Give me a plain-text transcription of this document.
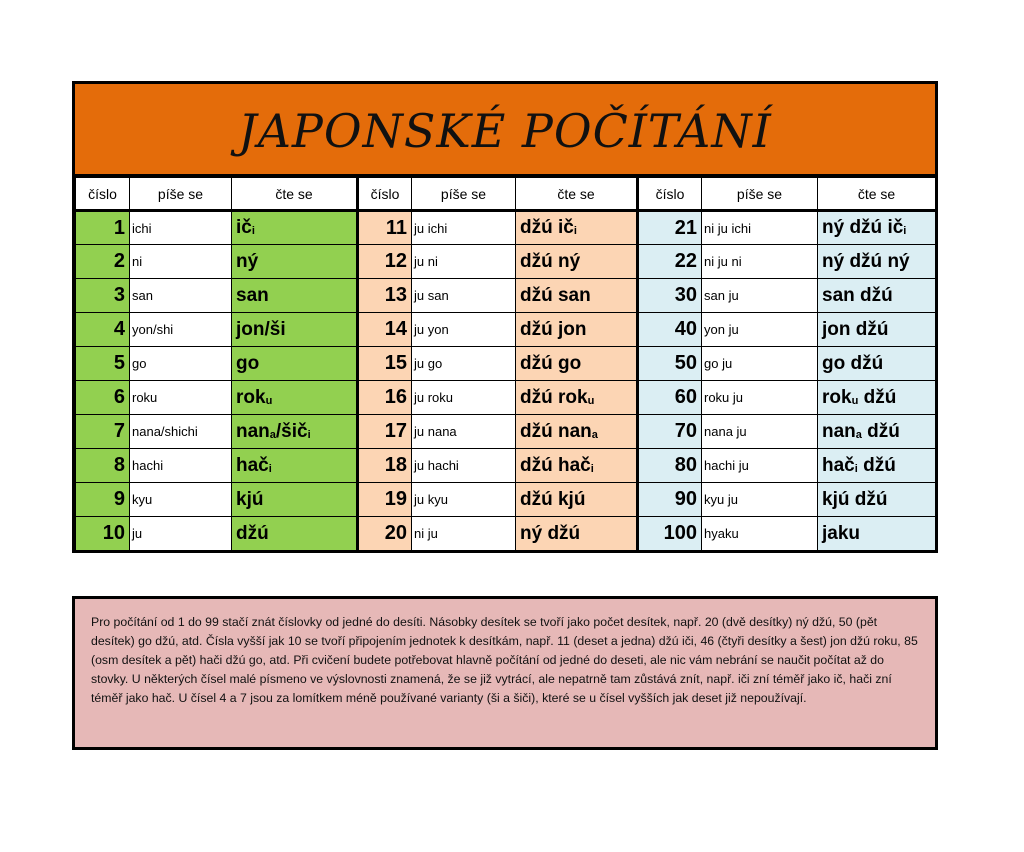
JAPONSKÉ POČÍTÁNÍ
číslo	píše se	čte se	číslo	píše se	čte se	číslo	píše se	čte se
1	ichi	$ič_i$	11	ju ichi	džú $ič_i$	21	ni ju ichi	ný džú $ič_i$
2	ni	ný	12	ju ni	džú ný	22	ni ju ni	ný džú ný
3	san	san	13	ju san	džú san	30	san ju	san džú
4	yon/shi	jon/ši	14	ju yon	džú jon	40	yon ju	jon džú
5	go	go	15	ju go	džú go	50	go ju	go džú
6	roku	rok$_u$	16	ju roku	džú rok$_u$	60	roku ju	rok$_u$ džú
7	nana/shichi	nan$_a$/šič$_i$	17	ju nana	džú nan$_a$	70	nana ju	nan$_a$ džú
8	hachi	hač$_i$	18	ju hachi	džú hač$_i$	80	hachi ju	hač$_i$ džú
9	kyu	kjú	19	ju kyu	džú kjú	90	kyu ju	kjú džú
10	ju	džú	20	ni ju	ný džú	100	hyaku	jaku
Pro počítání od 1 do 99 stačí znát číslovky od jedné do desíti. Násobky desítek se tvoří jako počet desítek, např. 20 (dvě desítky) ný džú, 50 (pět desítek) go džú, atd. Čísla vyšší jak 10 se tvoří připojením jednotek k desítkám, např. 11 (deset a jedna) džú iči, 46 (čtyři desítky a šest) jon džú roku, 85 (osm desítek a pět) hači džú go, atd. Při cvičení budete potřebovat hlavně počítání od jedné do deseti, ale nic vám nebrání se naučit počítat až do stovky. U některých čísel malé písmeno ve výslovnosti znamená, že se již vytrácí, ale nepatrně tam zůstává znít, např. iči zní téměř jako ič, hači zní téměř jako hač. U čísel 4 a 7 jsou za lomítkem méně používané varianty (ši a šiči), které se u čísel vyšších jak deset již nepoužívají.
